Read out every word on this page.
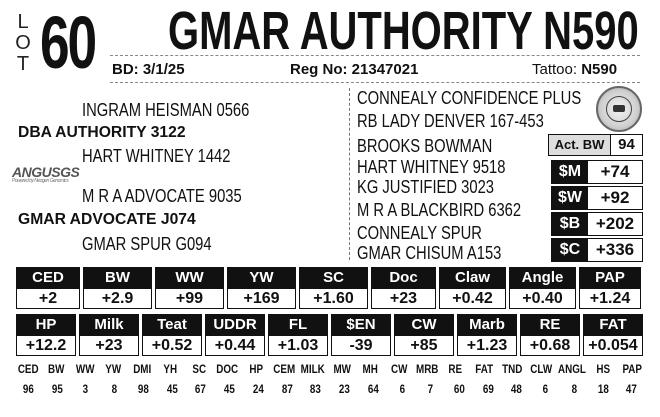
L
O
T 60 GMAR AUTHORITY N590
BD: 3/1/25	Reg No: 21347021	Tattoo: N590
INGRAM HEISMAN 0566
DBA AUTHORITY 3122
HART WHITNEY 1442
ANGUSGS
Powered by Neogen Genomics
M R A ADVOCATE 9035
GMAR ADVOCATE J074
GMAR SPUR G094
CONNEALY CONFIDENCE PLUS
RB LADY DENVER 167-453
BROOKS BOWMAN
HART WHITNEY 9518
KG JUSTIFIED 3023
M R A BLACKBIRD 6362
CONNEALY SPUR
GMAR CHISUM A153
Act. BW 94
$M	+74
$W	+92
$B +202
$C +336
CED
+2
BW
+2.9
WW
+99
YW
+169
SC
+1.60
Doc
+23
Claw
+0.42
Angle
+0.40
PAP
+1.24
HP
+12.2
Milk
+23
Teat
+0.52
UDDR
+0.44
FL
+1.03
$EN
-39
CW
+85
Marb
+1.23
RE
+0.68
FAT
+0.054
CED BW WW YW DMI	YH	SC DOC HP CEM MILK MW	MH	CW MRB RE	FAT TND CLW ANGL HS PAP
96	95	3	8	98	45	67	45	24	87	83	23	64	6	7	60	69	48	6	8	18	47
